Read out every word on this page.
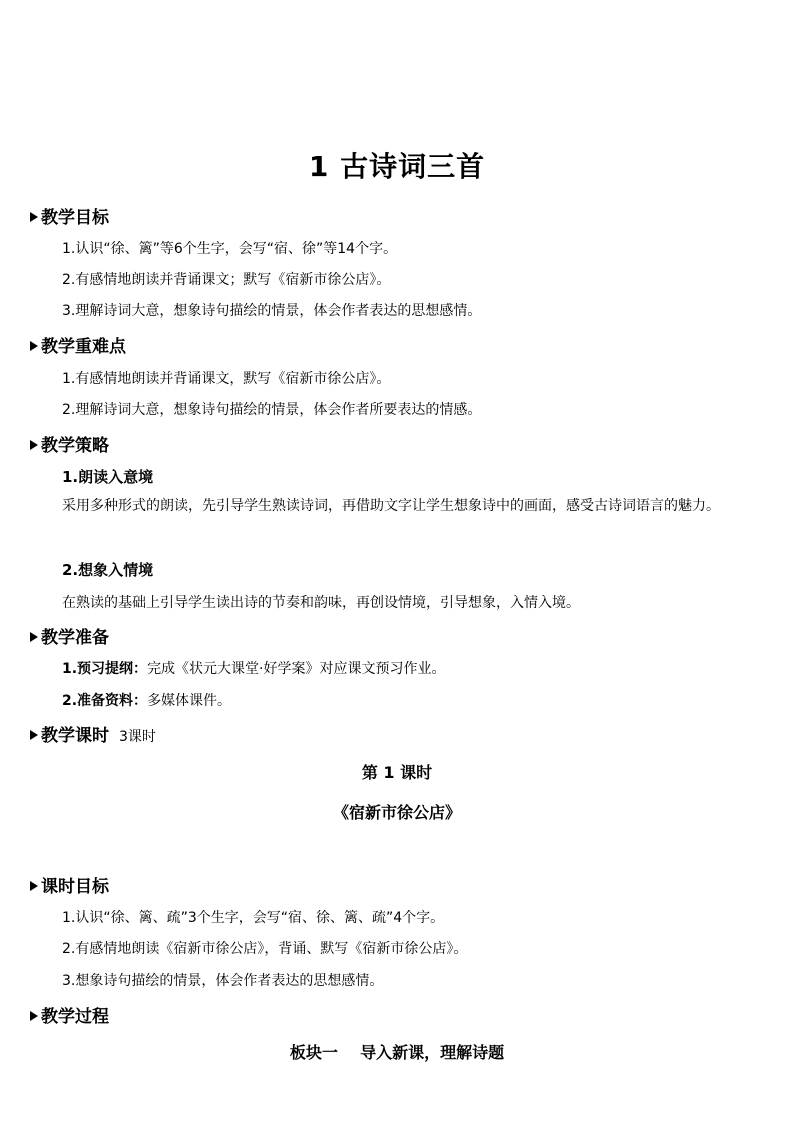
1 古诗词三首
教学目标
1.认识“徐、篱”等6个生字，会写“宿、徐”等14个字。
2.有感情地朗读并背诵课文；默写《宿新市徐公店》。
3.理解诗词大意，想象诗句描绘的情景，体会作者表达的思想感情。
教学重难点
1.有感情地朗读并背诵课文，默写《宿新市徐公店》。
2.理解诗词大意，想象诗句描绘的情景，体会作者所要表达的情感。
教学策略
1.朗读入意境
采用多种形式的朗读，先引导学生熟读诗词，再借助文字让学生想象诗中的画面，感受古诗词语言的魅力。
2.想象入情境
在熟读的基础上引导学生读出诗的节奏和韵味，再创设情境，引导想象，入情入境。
教学准备
1.预习提纲：完成《状元大课堂·好学案》对应课文预习作业。
2.准备资料：多媒体课件。
教学课时 3课时
第 1 课时
《宿新市徐公店》
课时目标
1.认识“徐、篱、疏”3个生字，会写“宿、徐、篱、疏”4个字。
2.有感情地朗读《宿新市徐公店》，背诵、默写《宿新市徐公店》。
3.想象诗句描绘的情景，体会作者表达的思想感情。
教学过程
板块一    导入新课，理解诗题
